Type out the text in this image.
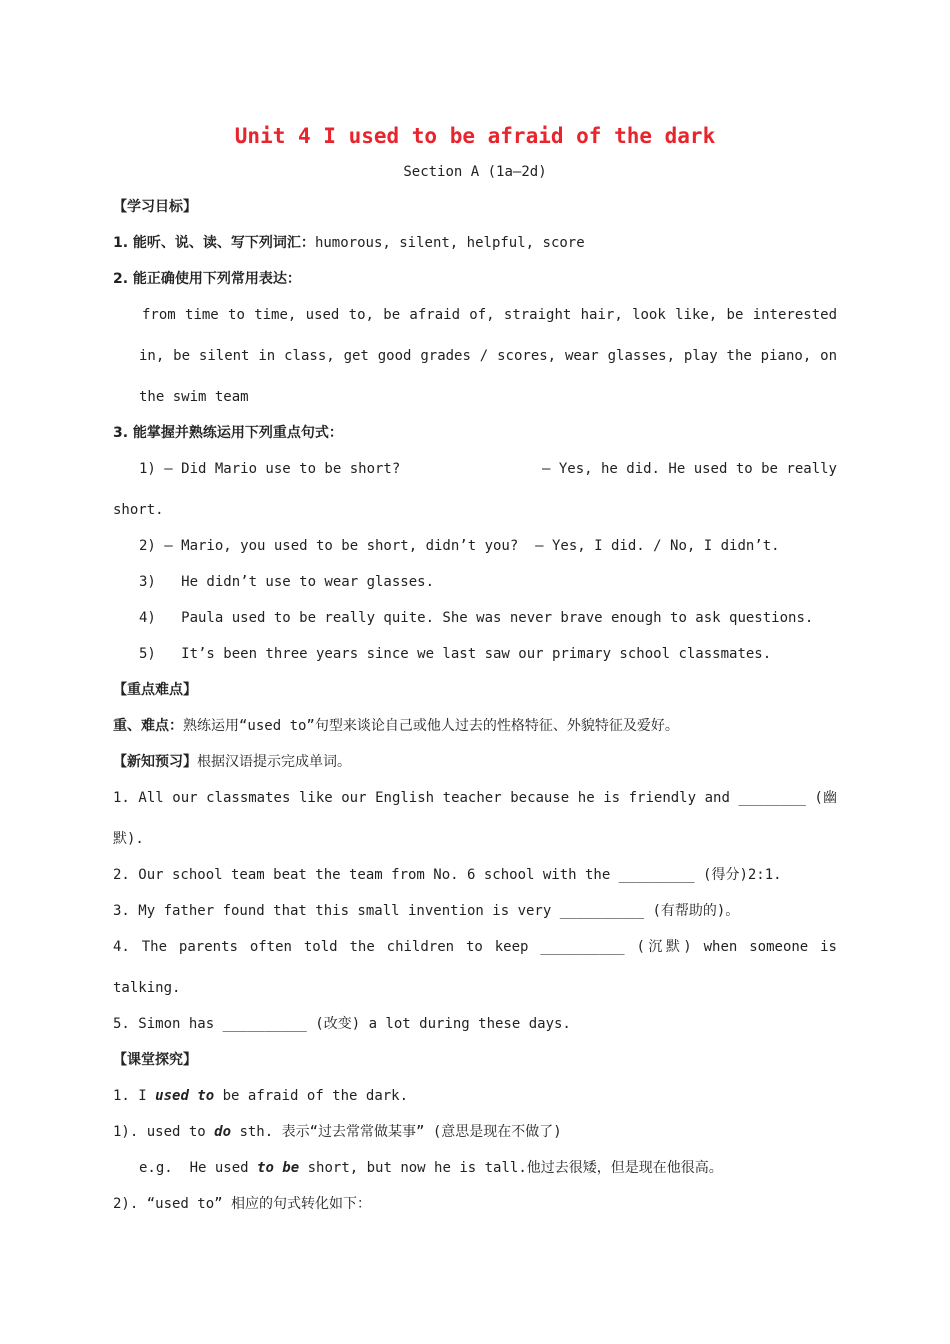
Unit 4 I used to be afraid of the dark
Section A (1a—2d)
【学习目标】
1. 能听、说、读、写下列词汇：humorous, silent, helpful, score
2. 能正确使用下列常用表达：
from time to time, used to, be afraid of, straight hair, look like, be interested
in, be silent in class, get good grades / scores, wear glasses, play the piano, on
the swim team
3. 能掌握并熟练运用下列重点句式：
1) — Did Mario use to be short?	— Yes, he did. He used to be really
short.
2) — Mario, you used to be short, didn’t you?  — Yes, I did. / No, I didn’t.
3)   He didn’t use to wear glasses.
4)   Paula used to be really quite. She was never brave enough to ask questions.
5)   It’s been three years since we last saw our primary school classmates.
【重点难点】
重、难点：熟练运用“used to”句型来谈论自己或他人过去的性格特征、外貌特征及爱好。
【新知预习】根据汉语提示完成单词。
1. All our classmates like our English teacher because he is friendly and ________ (幽
默).
2. Our school team beat the team from No. 6 school with the _________ (得分)2:1.
3. My father found that this small invention is very __________ (有帮助的)。
4. The parents often told the children to keep __________ (沉默) when someone is
talking.
5. Simon has __________ (改变) a lot during these days.
【课堂探究】
1. I used to be afraid of the dark.
1). used to do sth. 表示“过去常常做某事” (意思是现在不做了)
e.g.  He used to be short, but now he is tall.他过去很矮，但是现在他很高。
2). “used to” 相应的句式转化如下：
